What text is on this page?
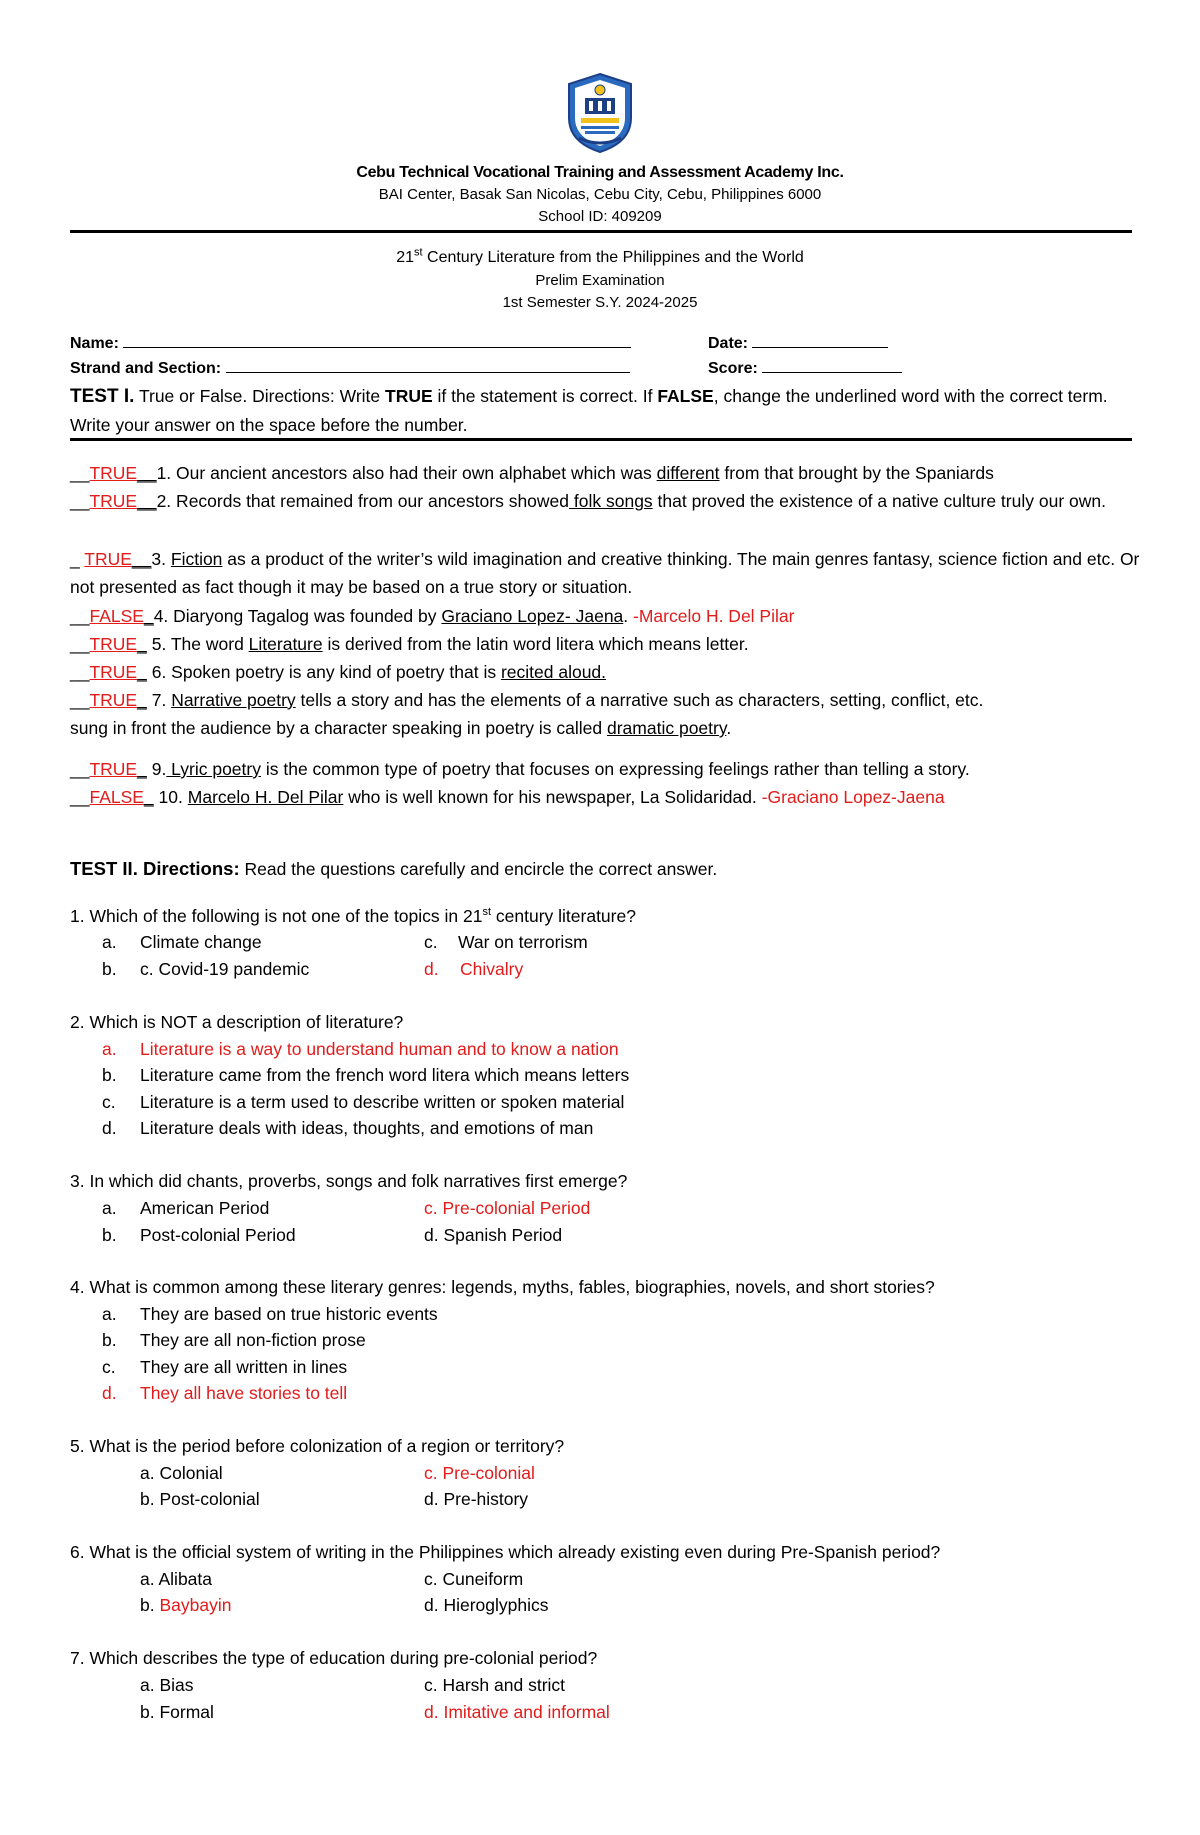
Cebu Technical Vocational Training and Assessment Academy Inc.
BAI Center, Basak San Nicolas, Cebu City, Cebu, Philippines 6000
School ID: 409209
21st Century Literature from the Philippines and the World
Prelim Examination
1st Semester S.Y. 2024-2025
Name:	Date:
Strand and Section:	Score:
TEST I. True or False. Directions: Write TRUE if the statement is correct. If FALSE, change the underlined word with the correct term. Write your answer on the space before the number.
__TRUE__1. Our ancient ancestors also had their own alphabet which was different from that brought by the Spaniards
__TRUE__2. Records that remained from our ancestors showed folk songs that proved the existence of a native culture truly our own.
_ TRUE__3. Fiction as a product of the writer’s wild imagination and creative thinking. The main genres fantasy, science fiction and etc. Or not presented as fact though it may be based on a true story or situation.
__FALSE_4. Diaryong Tagalog was founded by Graciano Lopez- Jaena. -Marcelo H. Del Pilar
__TRUE_ 5. The word Literature is derived from the latin word litera which means letter.
__TRUE_ 6. Spoken poetry is any kind of poetry that is recited aloud.
__TRUE_ 7. Narrative poetry tells a story and has the elements of a narrative such as characters, setting, conflict, etc.
sung in front the audience by a character speaking in poetry is called dramatic poetry.
__TRUE_ 9. Lyric poetry is the common type of poetry that focuses on expressing feelings rather than telling a story.
__FALSE_ 10. Marcelo H. Del Pilar who is well known for his newspaper, La Solidaridad. -Graciano Lopez-Jaena
TEST II. Directions: Read the questions carefully and encircle the correct answer.
1. Which of the following is not one of the topics in 21st century literature?
a. Climate change	c. War on terrorism
b. c. Covid-19 pandemic	d. Chivalry
2. Which is NOT a description of literature?
a. Literature is a way to understand human and to know a nation
b. Literature came from the french word litera which means letters
c. Literature is a term used to describe written or spoken material
d. Literature deals with ideas, thoughts, and emotions of man
3. In which did chants, proverbs, songs and folk narratives first emerge?
a. American Period	c. Pre-colonial Period
b. Post-colonial Period	d. Spanish Period
4. What is common among these literary genres: legends, myths, fables, biographies, novels, and short stories?
a. They are based on true historic events
b. They are all non-fiction prose
c. They are all written in lines
d. They all have stories to tell
5. What is the period before colonization of a region or territory?
a. Colonial	c. Pre-colonial
b. Post-colonial	d. Pre-history
6. What is the official system of writing in the Philippines which already existing even during Pre-Spanish period?
a. Alibata	c. Cuneiform
b. Baybayin	d. Hieroglyphics
7. Which describes the type of education during pre-colonial period?
a. Bias	c. Harsh and strict
b. Formal	d. Imitative and informal
